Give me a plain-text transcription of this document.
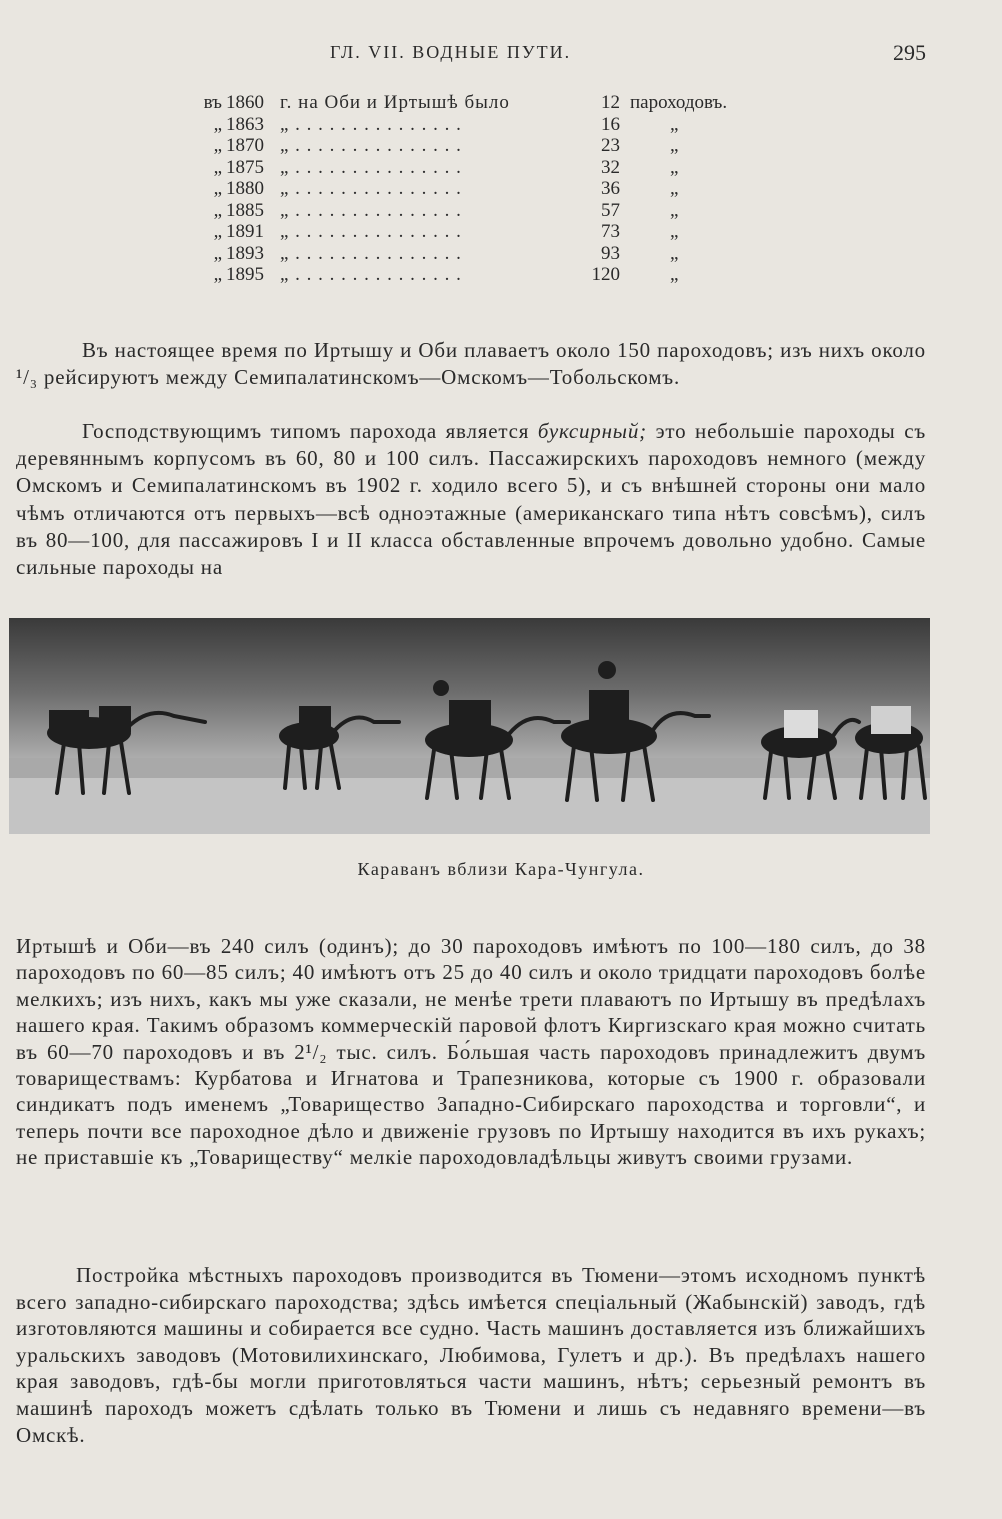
ГЛ. VII. ВОДНЫЕ ПУТИ.	295
въ 1860 г. на Оби и Иртышѣ было	12 пароходовъ.
„ 1863 „ . . . . . . . . . . . . . . .	16	„
„ 1870 „ . . . . . . . . . . . . . . .	23	„
„ 1875 „ . . . . . . . . . . . . . . .	32	„
„ 1880 „ . . . . . . . . . . . . . . .	36	„
„ 1885 „ . . . . . . . . . . . . . . .	57	„
„ 1891 „ . . . . . . . . . . . . . . .	73	„
„ 1893 „ . . . . . . . . . . . . . . .	93	„
„ 1895 „ . . . . . . . . . . . . . . .	120	„

Въ настоящее время по Иртышу и Оби плаваетъ около 150 пароходовъ; изъ нихъ около ¹/₃ рейсируютъ между Семипалатинскомъ—Омскомъ—Тобольскомъ.

Господствующимъ типомъ парохода является буксирный; это небольшіе пароходы съ деревяннымъ корпусомъ въ 60, 80 и 100 силъ. Пассажирскихъ пароходовъ немного (между Омскомъ и Семипалатинскомъ въ 1902 г. ходило всего 5), и съ внѣшней стороны они мало чѣмъ отличаются отъ первыхъ—всѣ одноэтажные (американскаго типа нѣтъ совсѣмъ), силъ въ 80—100, для пассажировъ I и II класса обставленные впрочемъ довольно удобно. Самые сильные пароходы на

Караванъ вблизи Кара-Чунгула.

Иртышѣ и Оби—въ 240 силъ (одинъ); до 30 пароходовъ имѣютъ по 100—180 силъ, до 38 пароходовъ по 60—85 силъ; 40 имѣютъ отъ 25 до 40 силъ и около тридцати пароходовъ болѣе мелкихъ; изъ нихъ, какъ мы уже сказали, не менѣе трети плаваютъ по Иртышу въ предѣлахъ нашего края. Такимъ образомъ коммерческій паровой флотъ Киргизскаго края можно считать въ 60—70 пароходовъ и въ 2¹/₂ тыс. силъ. Бо́льшая часть пароходовъ принадлежитъ двумъ товариществамъ: Курбатова и Игнатова и Трапезникова, которые съ 1900 г. образовали синдикатъ подъ именемъ „Товарищество Западно-Сибирскаго пароходства и торговли“, и теперь почти все пароходное дѣло и движеніе грузовъ по Иртышу находится въ ихъ рукахъ; не приставшіе къ „Товариществу“ мелкіе пароходовладѣльцы живутъ своими грузами.

Постройка мѣстныхъ пароходовъ производится въ Тюмени—этомъ исходномъ пунктѣ всего западно-сибирскаго пароходства; здѣсь имѣется спеціальный (Жабынскій) заводъ, гдѣ изготовляются машины и собирается все судно. Часть машинъ доставляется изъ ближайшихъ уральскихъ заводовъ (Мотовилихинскаго, Любимова, Гулетъ и др.). Въ предѣлахъ нашего края заводовъ, гдѣ-бы могли приготовляться части машинъ, нѣтъ; серьезный ремонтъ въ машинѣ пароходъ можетъ сдѣлать только въ Тюмени и лишь съ недавняго времени—въ Омскѣ.
